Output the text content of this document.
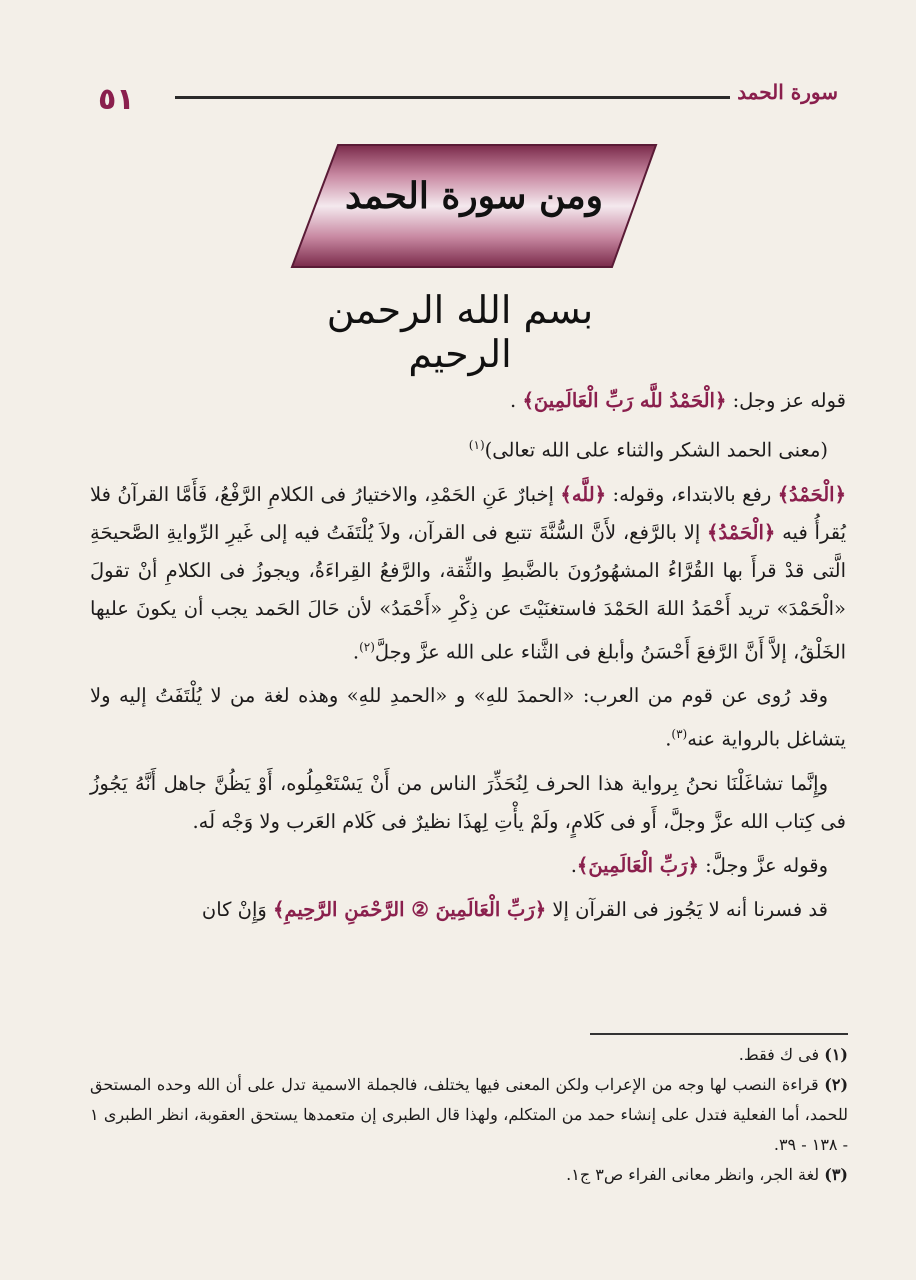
٥١	سورة الحمد
ومن سورة الحمد
بسم الله الرحمن الرحيم

قوله عز وجل: ﴿الْحَمْدُ للَّه رَبِّ الْعَالَمِينَ﴾ .

(معنى الحمد الشكر والثناء على الله تعالى)$^{(١)}$

﴿الْحَمْدُ﴾ رفع بالابتداء، وقوله: ﴿للَّه﴾ إخبارٌ عَنِ الحَمْدِ، والاختيارُ فى الكلامِ الرَّفْعُ، فَأَمَّا القرآنُ فلا يُقرأُ فيه ﴿الْحَمْدُ﴾ إلا بالرَّفع، لأَنَّ السُّنَّةَ تتبع فى القرآن، ولاَ يُلْتَفَتُ فيه إلى غَيرِ الرِّوايةِ الصَّحيحَةِ الَّتى قدْ قرأَ بها القُرَّاءُ المشهُورُونَ بالضَّبطِ والثِّقة، والرَّفعُ القِراءَةُ، ويجوزُ فى الكلامِ أنْ تقولَ «الْحَمْدَ» تريد أَحْمَدُ اللهَ الحَمْدَ فاستغنَيْتَ عن ذِكْرِ «أَحْمَدُ» لأن حَالَ الحَمد يجب أن يكونَ عليها الخَلْقُ، إلاَّ أَنَّ الرَّفعَ أَحْسَنُ وأبلغ فى الثَّناء على الله عزَّ وجلَّ$^{(٢)}$.

وقد رُوى عن قوم من العرب: «الحمدَ للهِ» و «الحمدِ للهِ» وهذه لغة من لا يُلْتَفَتُ إليه ولا يتشاغل بالرواية عنه$^{(٣)}$.

وإِنَّما تشاغَلْنَا نحنُ بِرواية هذا الحرف لِنُحَذِّرَ الناس من أَنْ يَسْتَعْمِلُوه، أَوْ يَظُنَّ جاهل أَنَّهُ يَجُوزُ فى كِتاب الله عزَّ وجلَّ، أَو فى كَلامٍ، ولَمْ يأْتِ لِهذَا نظيرٌ فى كَلام العَرب ولا وَجْه لَه.

وقوله عزَّ وجلَّ: ﴿رَبِّ الْعَالَمِينَ﴾.

قد فسرنا أنه لا يَجُوز فى القرآن إلا ﴿رَبِّ الْعَالَمِينَ ② الرَّحْمَنِ الرَّحِيمِ﴾ وَإِنْ كان

(١) فى ك فقط.

(٢) قراءة النصب لها وجه من الإعراب ولكن المعنى فيها يختلف، فالجملة الاسمية تدل على أن الله وحده المستحق للحمد، أما الفعلية فتدل على إنشاء حمد من المتكلم، ولهذا قال الطبرى إن متعمدها يستحق العقوبة، انظر الطبرى ١ - ١٣٨ - ٣٩.

(٣) لغة الجر، وانظر معانى الفراء ص٣ ج١.
